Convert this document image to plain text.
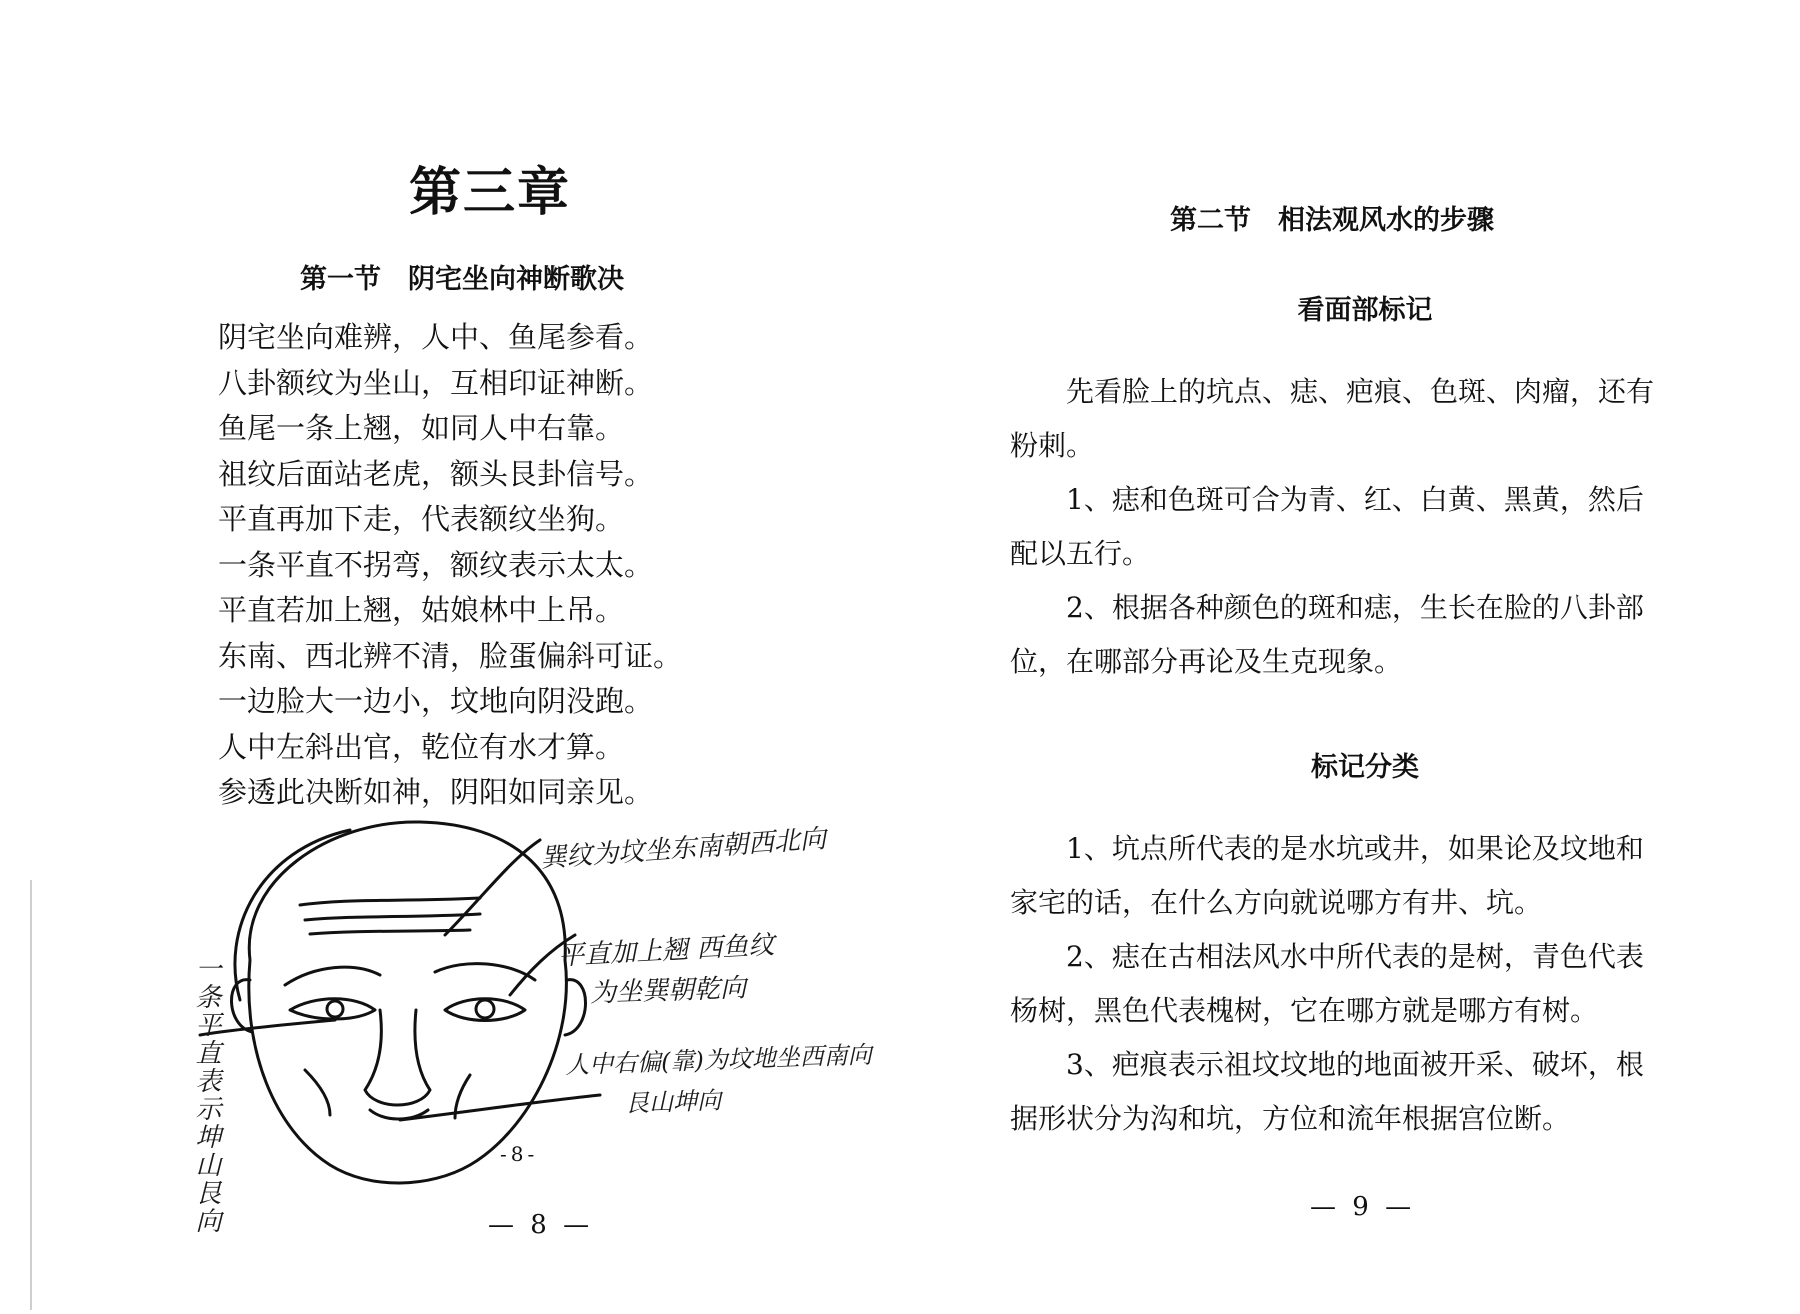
第三章
第一节　阴宅坐向神断歌决
阴宅坐向难辨，人中、鱼尾参看。
八卦额纹为坐山，互相印证神断。
鱼尾一条上翘，如同人中右靠。
祖纹后面站老虎，额头艮卦信号。
平直再加下走，代表额纹坐狗。
一条平直不拐弯，额纹表示太太。
平直若加上翘，姑娘林中上吊。
东南、西北辨不清，脸蛋偏斜可证。
一边脸大一边小，坟地向阴没跑。
人中左斜出官，乾位有水才算。
参透此决断如神，阴阳如同亲见。
巽纹为坟坐东南朝西北向
平直加上翘 西鱼纹
为坐巽朝乾向
人中右偏(靠)为坟地坐西南向
艮山坤向
一条平直表示坤山艮向	-8-
— 8 —
第二节　相法观风水的步骤
看面部标记

先看脸上的坑点、痣、疤痕、色斑、肉瘤，还有粉刺。

1、痣和色斑可合为青、红、白黄、黑黄，然后配以五行。

2、根据各种颜色的斑和痣，生长在脸的八卦部位，在哪部分再论及生克现象。

标记分类

1、坑点所代表的是水坑或井，如果论及坟地和家宅的话，在什么方向就说哪方有井、坑。

2、痣在古相法风水中所代表的是树，青色代表杨树，黑色代表槐树，它在哪方就是哪方有树。

3、疤痕表示祖坟坟地的地面被开采、破坏，根据形状分为沟和坑，方位和流年根据宫位断。

— 9 —
